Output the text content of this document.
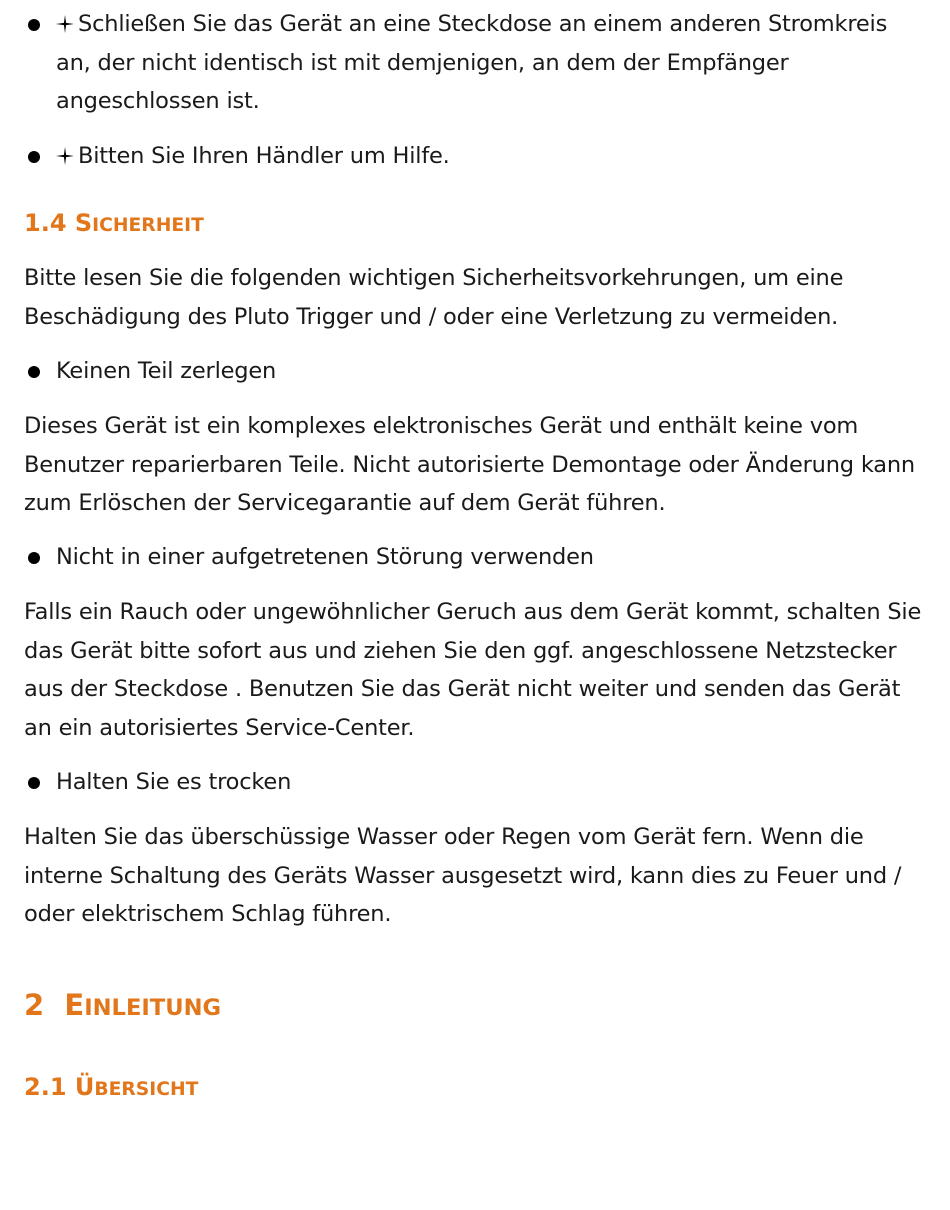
Schließen Sie das Gerät an eine Steckdose an einem anderen Stromkreis an, der nicht identisch ist mit demjenigen, an dem der Empfänger angeschlossen ist.
Bitten Sie Ihren Händler um Hilfe.
1.4 SICHERHEIT
Bitte lesen Sie die folgenden wichtigen Sicherheitsvorkehrungen, um eine Beschädigung des Pluto Trigger und / oder eine Verletzung zu vermeiden.
Keinen Teil zerlegen
Dieses Gerät ist ein komplexes elektronisches Gerät und enthält keine vom Benutzer reparierbaren Teile. Nicht autorisierte Demontage oder Änderung kann zum Erlöschen der Servicegarantie auf dem Gerät führen.
Nicht in einer aufgetretenen Störung verwenden
Falls ein Rauch oder ungewöhnlicher Geruch aus dem Gerät kommt, schalten Sie das Gerät bitte sofort aus und ziehen Sie den ggf. angeschlossene Netzstecker aus der Steckdose . Benutzen Sie das Gerät nicht weiter und senden das Gerät an ein autorisiertes Service-Center.
Halten Sie es trocken
Halten Sie das überschüssige Wasser oder Regen vom Gerät fern. Wenn die interne Schaltung des Geräts Wasser ausgesetzt wird, kann dies zu Feuer und / oder elektrischem Schlag führen.
2 EINLEITUNG
2.1 ÜBERSICHT
